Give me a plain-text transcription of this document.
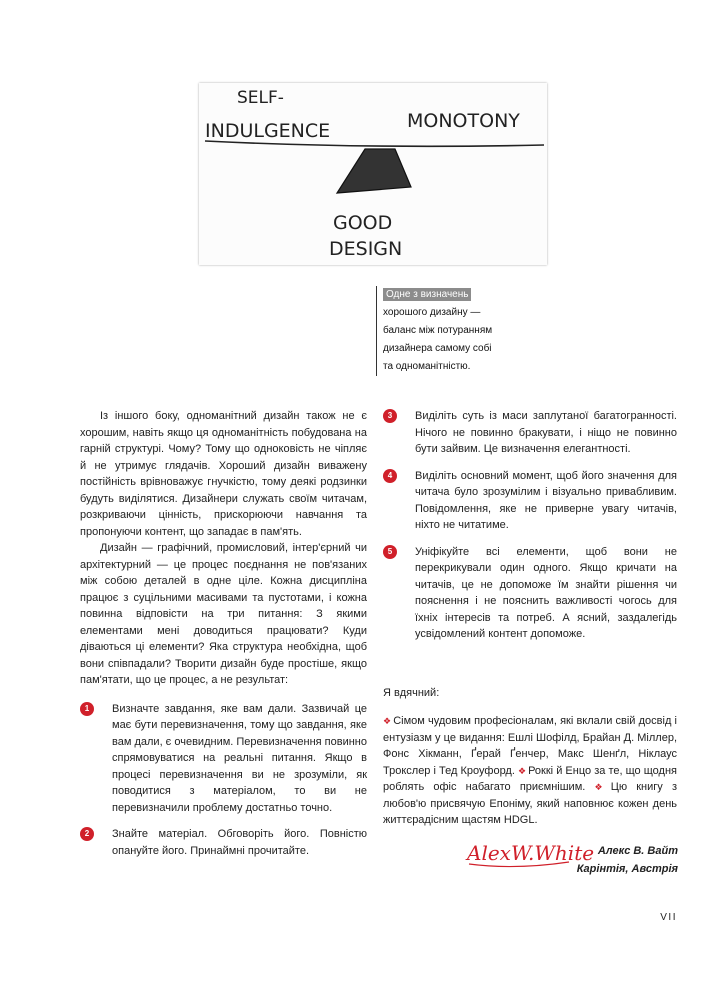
SELF-
INDULGENCE	MONOTONY
GOOD
DESIGN
Одне з визначень
хорошого дизайну —
баланс між потуранням
дизайнера самому собі
та одноманітністю.

Із іншого боку, одноманітний дизайн також не є хорошим, навіть якщо ця одноманітність побудована на гарній структурі. Чому? Тому що одноковість не чіпляє й не утримує глядачів. Хороший дизайн виважену постійність врівноважує гнучкістю, тому деякі родзинки будуть виділятися. Дизайнери служать своїм читачам, розкриваючи цінність, прискорюючи навчання та пропонуючи контент, що западає в пам'ять.

Дизайн — графічний, промисловий, інтер'єрний чи архітектурний — це процес поєднання не пов'язаних між собою деталей в одне ціле. Кожна дисципліна працює з суцільними масивами та пустотами, і кожна повинна відповісти на три питання: З якими елементами мені доводиться працювати? Куди діваються ці елементи? Яка структура необхідна, щоб вони співпадали? Творити дизайн буде простіше, якщо пам'ятати, що це процес, а не результат:

1	Визначте завдання, яке вам дали. Зазвичай це має бути перевизначення, тому що завдання, яке вам дали, є очевидним. Перевизначення повинно спрямовуватися на реальні питання. Якщо в процесі перевизначення ви не зрозуміли, як поводитися з матеріалом, то ви не перевизначили проблему достатньо точно.
2	Знайте матеріал. Обговоріть його. Повністю опануйте його. Принаймні прочитайте.
3	Виділіть суть із маси заплутаної багатогранності. Нічого не повинно бракувати, і ніщо не повинно бути зайвим. Це визначення елегантності.
4	Виділіть основний момент, щоб його значення для читача було зрозумілим і візуально привабливим. Повідомлення, яке не приверне увагу читачів, ніхто не читатиме.
5	Уніфікуйте всі елементи, щоб вони не перекрикували один одного. Якщо кричати на читачів, це не допоможе їм знайти рішення чи пояснення і не пояснить важливості чогось для їхніх інтересів та потреб. А ясний, заздалегідь усвідомлений контент допоможе.
Я вдячний:

❖ Сімом чудовим професіоналам, які вклали свій досвід і ентузіазм у це видання: Ешлі Шофілд, Брайан Д. Міллер, Фонс Хікманн, Ґерай Ґенчер, Макс Шенґл, Ніклаус Трокслер і Тед Кроуфорд. ❖ Роккі й Енцо за те, що щодня роблять офіс набагато приємнішим. ❖ Цю книгу з любов'ю присвячую Епоніму, який наповнює кожен день життєрадісним щастям HDGL.

AlexW.White Алекс В. Вайт
Карінтія, Австрія
VII
